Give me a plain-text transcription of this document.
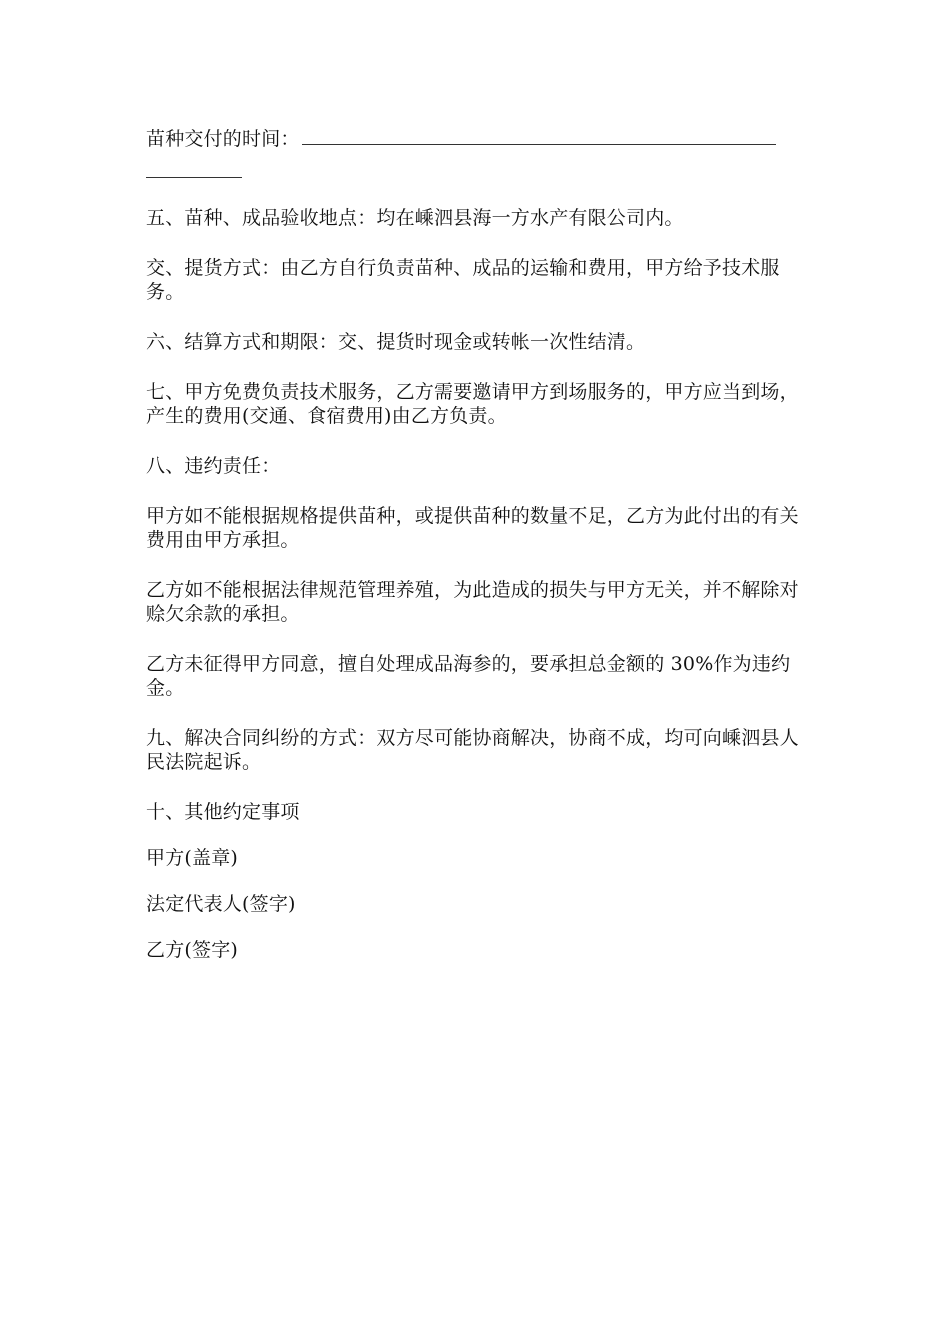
苗种交付的时间：

五、苗种、成品验收地点：均在嵊泗县海一方水产有限公司内。

交、提货方式：由乙方自行负责苗种、成品的运输和费用，甲方给予技术服务。

六、结算方式和期限：交、提货时现金或转帐一次性结清。

七、甲方免费负责技术服务，乙方需要邀请甲方到场服务的，甲方应当到场，产生的费用(交通、食宿费用)由乙方负责。

八、违约责任：

甲方如不能根据规格提供苗种，或提供苗种的数量不足，乙方为此付出的有关费用由甲方承担。

乙方如不能根据法律规范管理养殖，为此造成的损失与甲方无关，并不解除对赊欠余款的承担。

乙方未征得甲方同意，擅自处理成品海参的，要承担总金额的 30%作为违约金。

九、解决合同纠纷的方式：双方尽可能协商解决，协商不成，均可向嵊泗县人民法院起诉。

十、其他约定事项

甲方(盖章)

法定代表人(签字)

乙方(签字)
